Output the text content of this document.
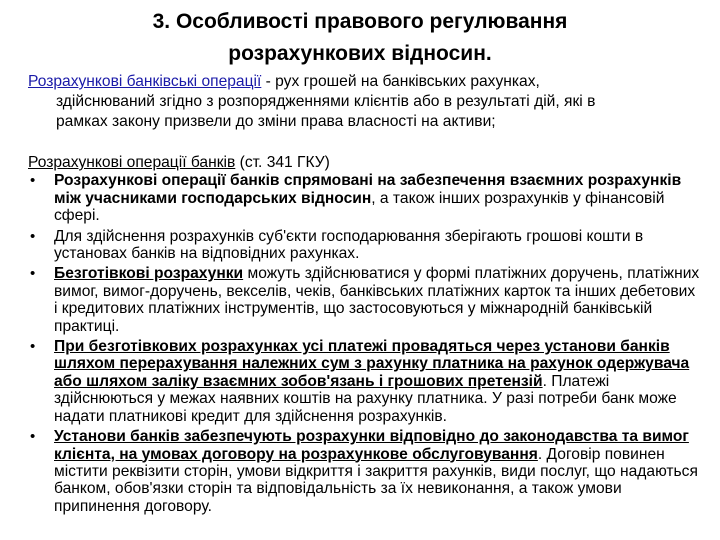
3. Особливості правового регулювання
розрахункових відносин.
Розрахункові банківські операції - рух грошей на банківських рахунках,
здійснюваний згідно з розпорядженнями клієнтів або в результаті дій, які в
рамках закону призвели до зміни права власності на активи;
Розрахункові операції банків (ст. 341 ГКУ)
• Розрахункові операції банків спрямовані на забезпечення взаємних розрахунків між учасниками господарських відносин, а також інших розрахунків у фінансовій сфері.
• Для здійснення розрахунків суб'єкти господарювання зберігають грошові кошти в установах банків на відповідних рахунках.
• Безготівкові розрахунки можуть здійснюватися у формі платіжних доручень, платіжних вимог, вимог-доручень, векселів, чеків, банківських платіжних карток та інших дебетових і кредитових платіжних інструментів, що застосовуються у міжнародній банківській практиці.
• При безготівкових розрахунках усі платежі провадяться через установи банків шляхом перерахування належних сум з рахунку платника на рахунок одержувача або шляхом заліку взаємних зобов'язань і грошових претензій. Платежі здійснюються у межах наявних коштів на рахунку платника. У разі потреби банк може надати платникові кредит для здійснення розрахунків.
• Установи банків забезпечують розрахунки відповідно до законодавства та вимог клієнта, на умовах договору на розрахункове обслуговування. Договір повинен містити реквізити сторін, умови відкриття і закриття рахунків, види послуг, що надаються банком, обов'язки сторін та відповідальність за їх невиконання, а також умови припинення договору.
